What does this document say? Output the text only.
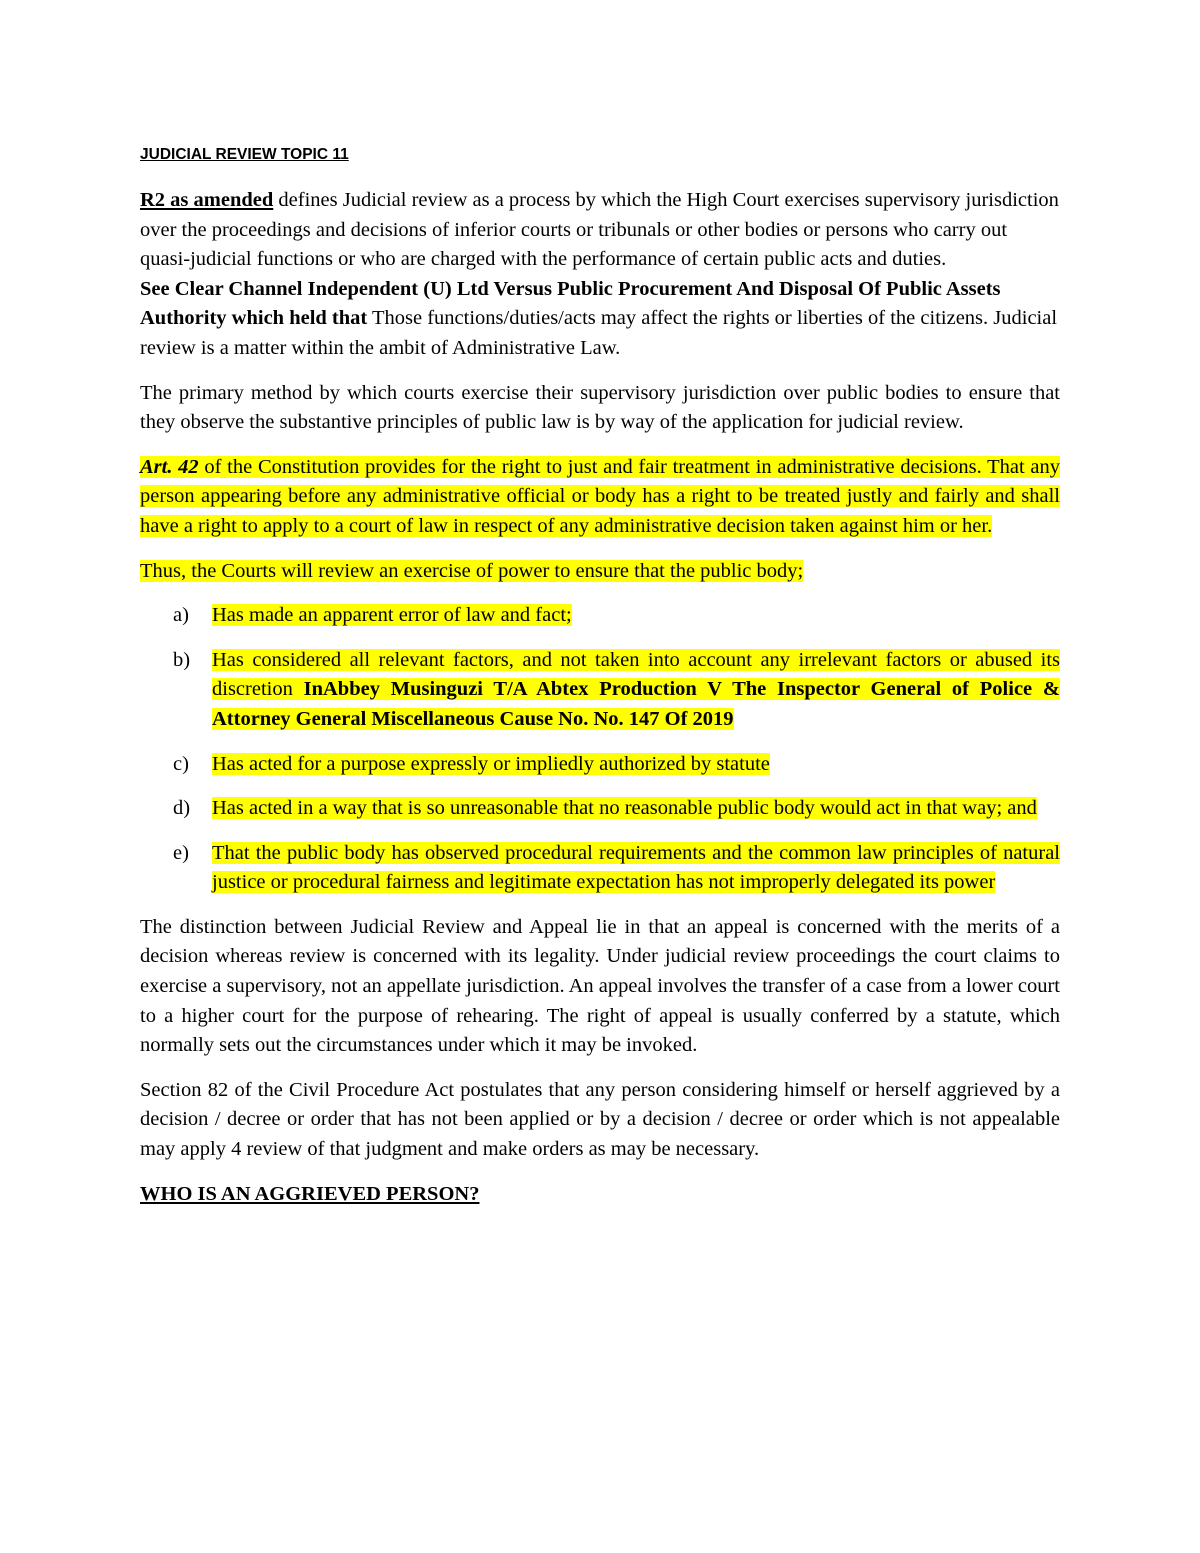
JUDICIAL REVIEW TOPIC 11

R2 as amended defines Judicial review as a process by which the High Court exercises supervisory jurisdiction over the proceedings and decisions of inferior courts or tribunals or other bodies or persons who carry out quasi-judicial functions or who are charged with the performance of certain public acts and duties.

See Clear Channel Independent (U) Ltd Versus Public Procurement And Disposal Of Public Assets Authority which held that Those functions/duties/acts may affect the rights or liberties of the citizens. Judicial review is a matter within the ambit of Administrative Law.

The primary method by which courts exercise their supervisory jurisdiction over public bodies to ensure that they observe the substantive principles of public law is by way of the application for judicial review.

Art. 42 of the Constitution provides for the right to just and fair treatment in administrative decisions. That any person appearing before any administrative official or body has a right to be treated justly and fairly and shall have a right to apply to a court of law in respect of any administrative decision taken against him or her.

Thus, the Courts will review an exercise of power to ensure that the public body;

a) Has made an apparent error of law and fact;
b) Has considered all relevant factors, and not taken into account any irrelevant factors or abused its discretion InAbbey Musinguzi T/A Abtex Production V The Inspector General of Police & Attorney General Miscellaneous Cause No. No. 147 Of 2019
c) Has acted for a purpose expressly or impliedly authorized by statute
d) Has acted in a way that is so unreasonable that no reasonable public body would act in that way; and
e) That the public body has observed procedural requirements and the common law principles of natural justice or procedural fairness and legitimate expectation has not improperly delegated its power

The distinction between Judicial Review and Appeal lie in that an appeal is concerned with the merits of a decision whereas review is concerned with its legality. Under judicial review proceedings the court claims to exercise a supervisory, not an appellate jurisdiction. An appeal involves the transfer of a case from a lower court to a higher court for the purpose of rehearing. The right of appeal is usually conferred by a statute, which normally sets out the circumstances under which it may be invoked.

Section 82 of the Civil Procedure Act postulates that any person considering himself or herself aggrieved by a decision / decree or order that has not been applied or by a decision / decree or order which is not appealable may apply 4 review of that judgment and make orders as may be necessary.

WHO IS AN AGGRIEVED PERSON?
